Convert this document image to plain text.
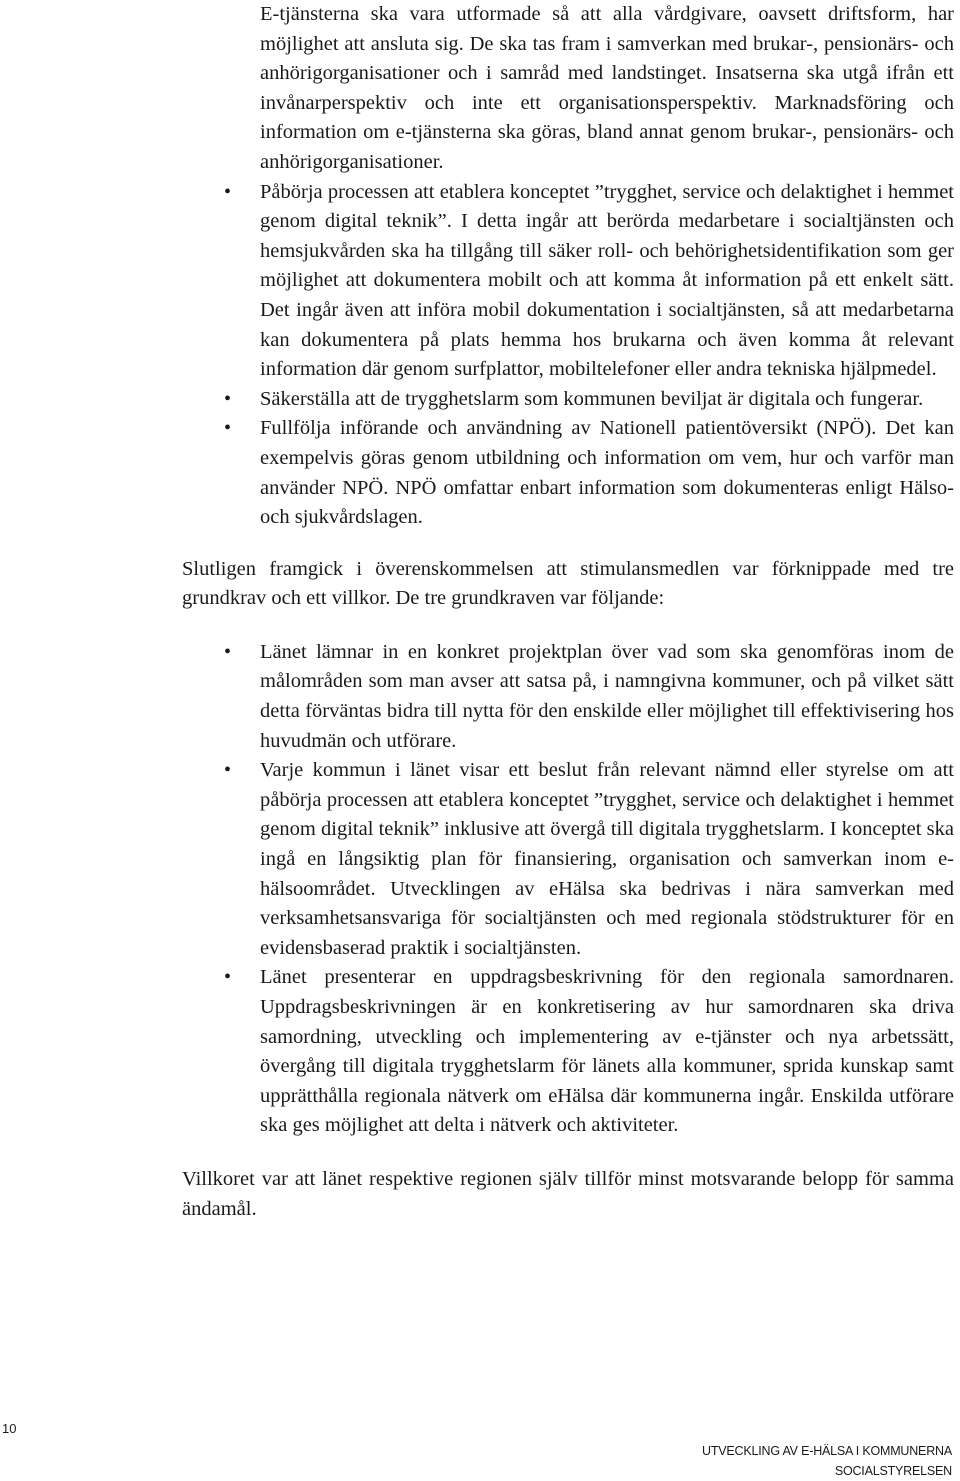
E-tjänsterna ska vara utformade så att alla vårdgivare, oavsett driftsform, har möjlighet att ansluta sig. De ska tas fram i samverkan med brukar-, pensionärs- och anhörigorganisationer och i samråd med landstinget. Insatserna ska utgå ifrån ett invånarperspektiv och inte ett organisationsperspektiv. Marknadsföring och information om e-tjänsterna ska göras, bland annat genom brukar-, pensionärs- och anhörigorganisationer.

• Påbörja processen att etablera konceptet ”trygghet, service och delaktighet i hemmet genom digital teknik”. I detta ingår att berörda medarbetare i socialtjänsten och hemsjukvården ska ha tillgång till säker roll- och behörighetsidentifikation som ger möjlighet att dokumentera mobilt och att komma åt information på ett enkelt sätt. Det ingår även att införa mobil dokumentation i socialtjänsten, så att medarbetarna kan dokumentera på plats hemma hos brukarna och även komma åt relevant information där genom surfplattor, mobiltelefoner eller andra tekniska hjälpmedel.
• Säkerställa att de trygghetslarm som kommunen beviljat är digitala och fungerar.
• Fullfölja införande och användning av Nationell patientöversikt (NPÖ). Det kan exempelvis göras genom utbildning och information om vem, hur och varför man använder NPÖ. NPÖ omfattar enbart information som dokumenteras enligt Hälso- och sjukvårdslagen.

Slutligen framgick i överenskommelsen att stimulansmedlen var förknippade med tre grundkrav och ett villkor. De tre grundkraven var följande:

• Länet lämnar in en konkret projektplan över vad som ska genomföras inom de målområden som man avser att satsa på, i namngivna kommuner, och på vilket sätt detta förväntas bidra till nytta för den enskilde eller möjlighet till effektivisering hos huvudmän och utförare.
• Varje kommun i länet visar ett beslut från relevant nämnd eller styrelse om att påbörja processen att etablera konceptet ”trygghet, service och delaktighet i hemmet genom digital teknik” inklusive att övergå till digitala trygghetslarm. I konceptet ska ingå en långsiktig plan för finansiering, organisation och samverkan inom e-hälsoområdet. Utvecklingen av eHälsa ska bedrivas i nära samverkan med verksamhetsansvariga för socialtjänsten och med regionala stödstrukturer för en evidensbaserad praktik i socialtjänsten.
• Länet presenterar en uppdragsbeskrivning för den regionala samordnaren. Uppdragsbeskrivningen är en konkretisering av hur samordnaren ska driva samordning, utveckling och implementering av e-tjänster och nya arbetssätt, övergång till digitala trygghetslarm för länets alla kommuner, sprida kunskap samt upprätthålla regionala nätverk om eHälsa där kommunerna ingår. Enskilda utförare ska ges möjlighet att delta i nätverk och aktiviteter.

Villkoret var att länet respektive regionen själv tillför minst motsvarande belopp för samma ändamål.

10
UTVECKLING AV E-HÄLSA I KOMMUNERNA
SOCIALSTYRELSEN
